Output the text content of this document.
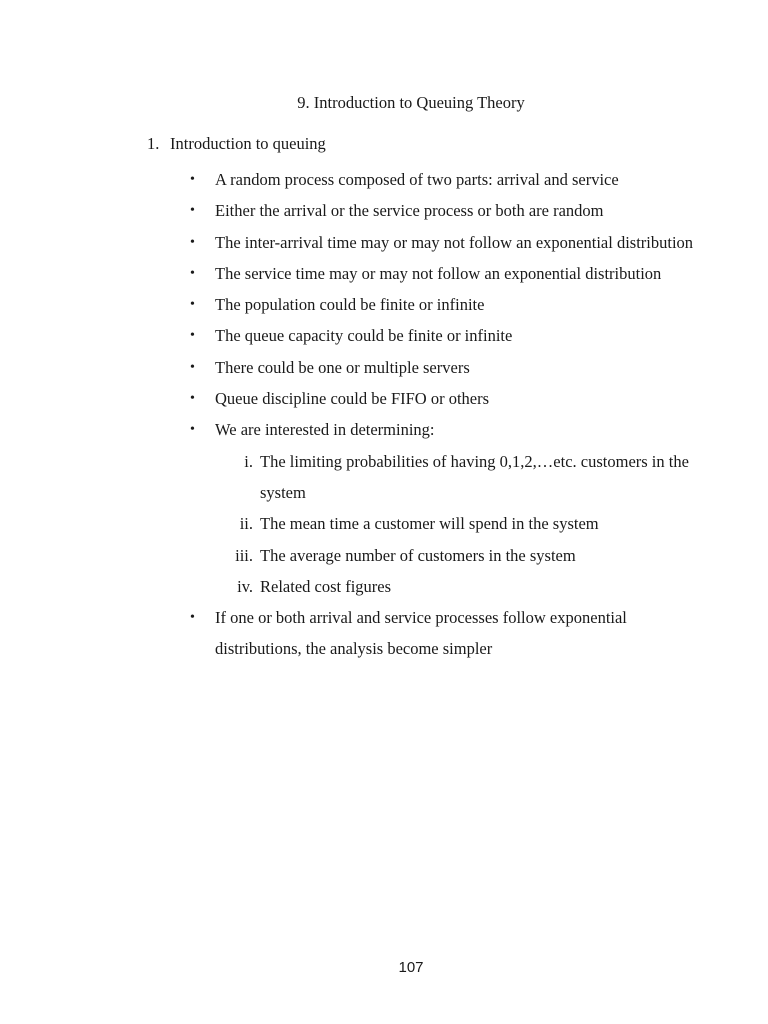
9. Introduction to Queuing Theory
1. Introduction to queuing
• A random process composed of two parts: arrival and service
• Either the arrival or the service process or both are random
• The inter-arrival time may or may not follow an exponential distribution
• The service time may or may not follow an exponential distribution
• The population could be finite or infinite
• The queue capacity could be finite or infinite
• There could be one or multiple servers
• Queue discipline could be FIFO or others
• We are interested in determining:
i. The limiting probabilities of having 0,1,2,…etc. customers in the system
ii. The mean time a customer will spend in the system
iii. The average number of customers in the system
iv. Related cost figures
• If one or both arrival and service processes follow exponential distributions, the analysis become simpler
107
